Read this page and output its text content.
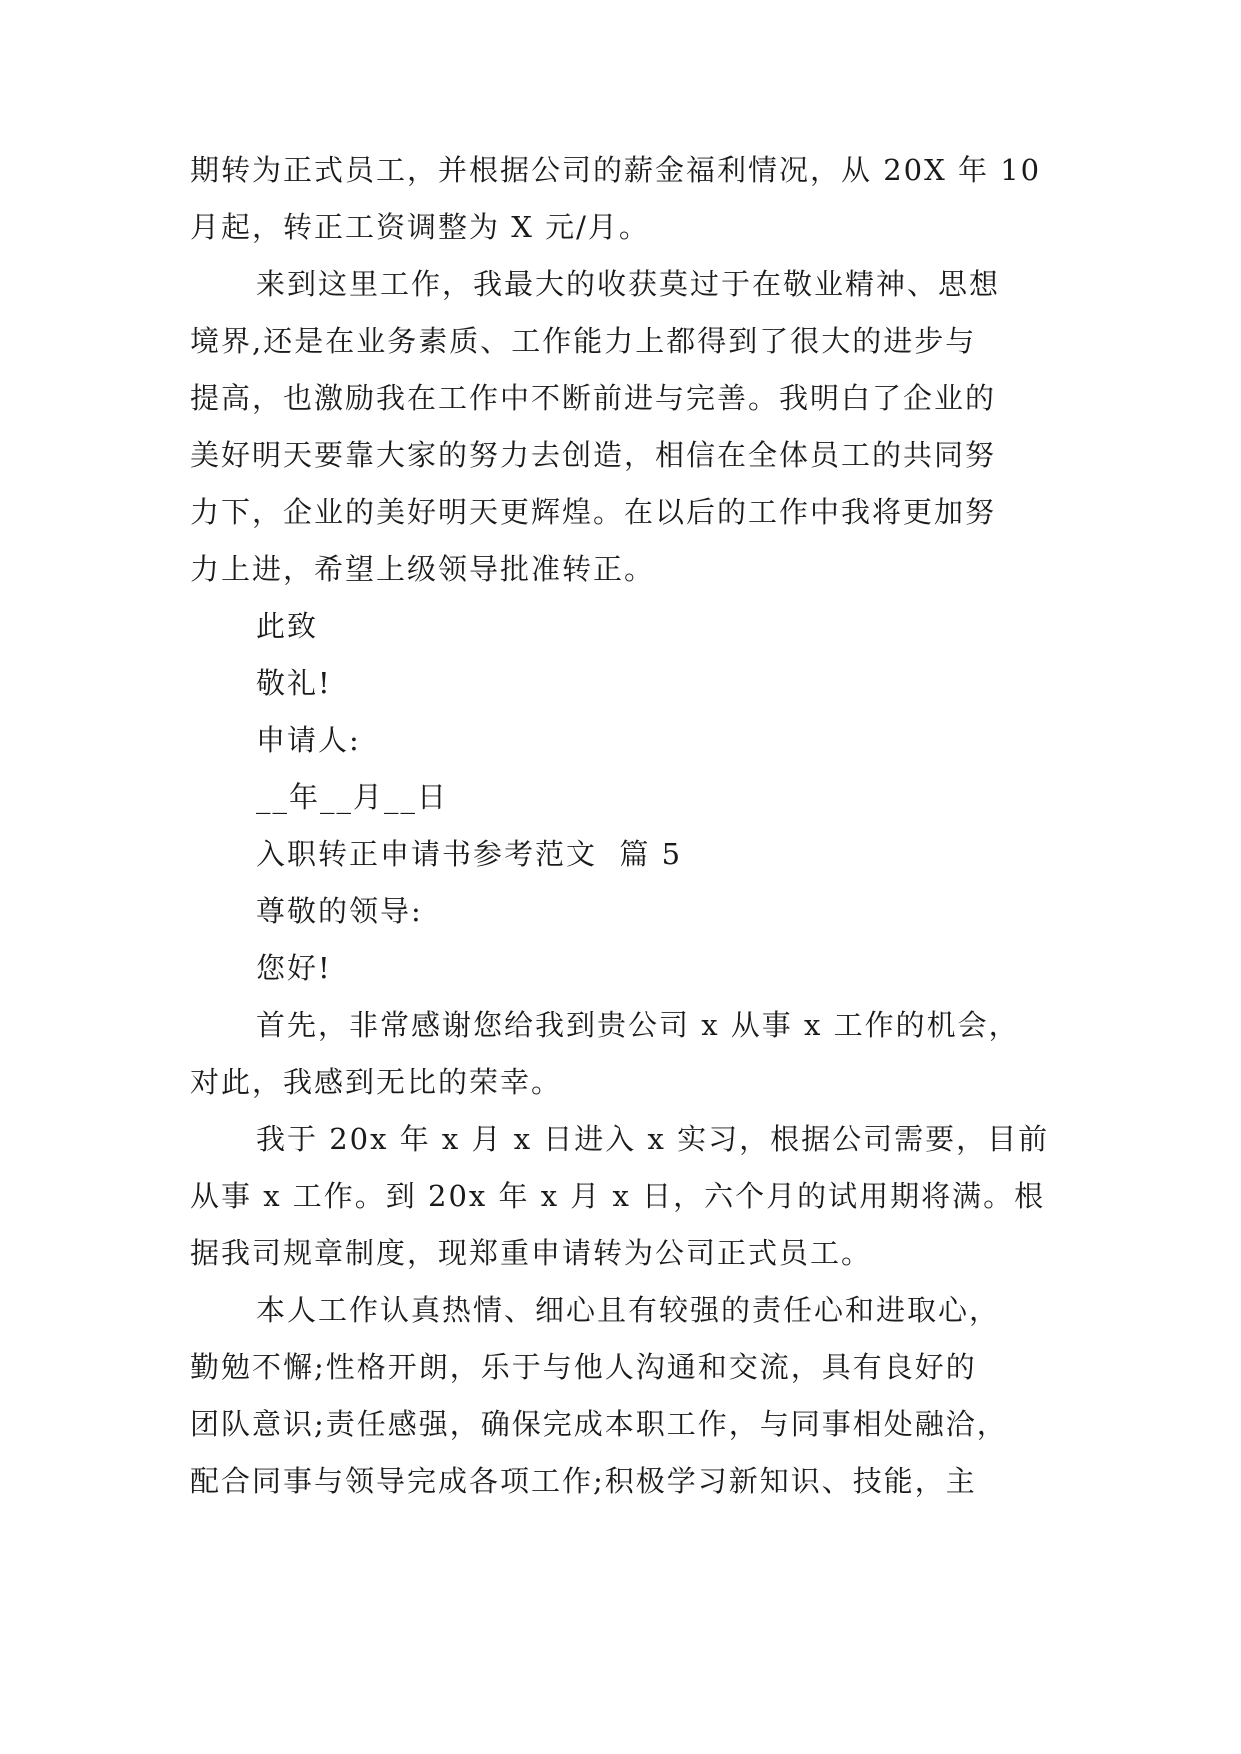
期转为正式员工，并根据公司的薪金福利情况，从 20X 年 10
月起，转正工资调整为 X 元/月。
来到这里工作，我最大的收获莫过于在敬业精神、思想
境界,还是在业务素质、工作能力上都得到了很大的进步与
提高，也激励我在工作中不断前进与完善。我明白了企业的
美好明天要靠大家的努力去创造，相信在全体员工的共同努
力下，企业的美好明天更辉煌。在以后的工作中我将更加努
力上进，希望上级领导批准转正。
此致
敬礼!
申请人:
__年__月__日
入职转正申请书参考范文  篇 5
尊敬的领导:
您好!
首先，非常感谢您给我到贵公司 x 从事 x 工作的机会，
对此，我感到无比的荣幸。
我于 20x 年 x 月 x 日进入 x 实习，根据公司需要，目前
从事 x 工作。到 20x 年 x 月 x 日，六个月的试用期将满。根
据我司规章制度，现郑重申请转为公司正式员工。
本人工作认真热情、细心且有较强的责任心和进取心，
勤勉不懈;性格开朗，乐于与他人沟通和交流，具有良好的
团队意识;责任感强，确保完成本职工作，与同事相处融洽，
配合同事与领导完成各项工作;积极学习新知识、技能，主
